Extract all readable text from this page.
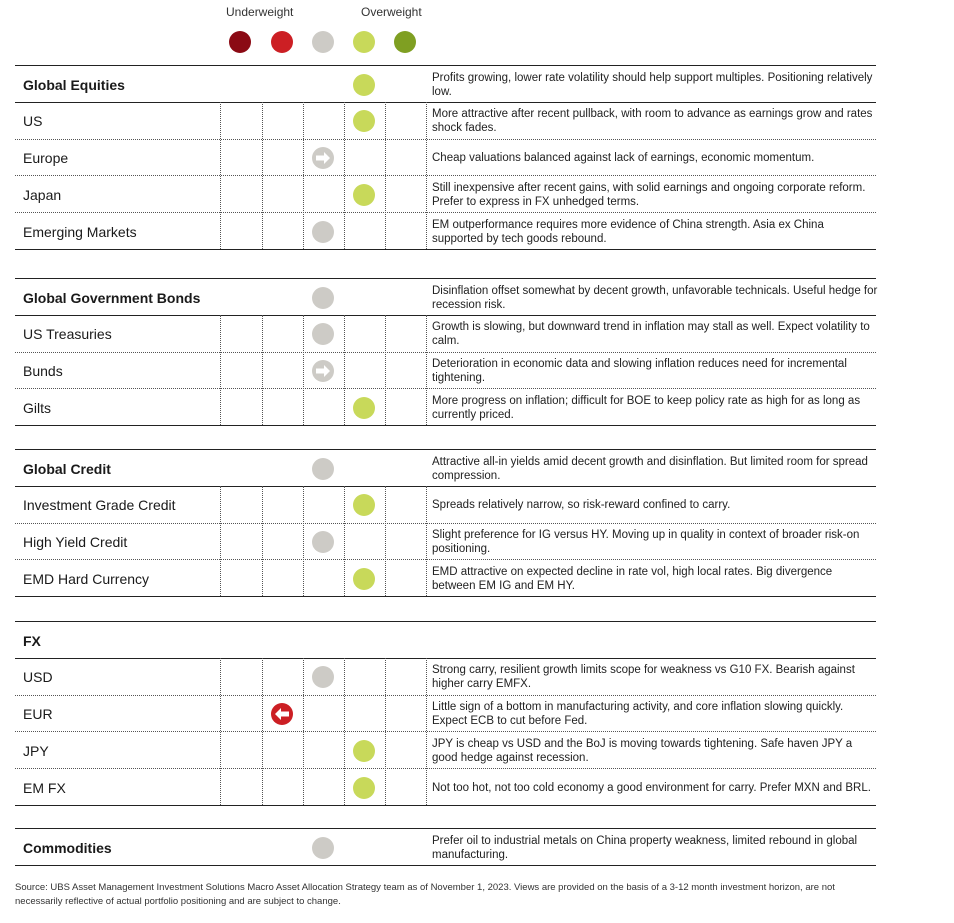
Underweight	Overweight
Global Equities	Profits growing, lower rate volatility should help support multiples. Positioning relatively low.
US	More attractive after recent pullback, with room to advance as earnings grow and rates shock fades.
Europe	Cheap valuations balanced against lack of earnings, economic momentum.
Japan	Still inexpensive after recent gains, with solid earnings and ongoing corporate reform. Prefer to express in FX unhedged terms.
Emerging Markets	EM outperformance requires more evidence of China strength. Asia ex China supported by tech goods rebound.
Global Government Bonds	Disinflation offset somewhat by decent growth, unfavorable technicals. Useful hedge for recession risk.
US Treasuries	Growth is slowing, but downward trend in inflation may stall as well. Expect volatility to calm.
Bunds	Deterioration in economic data and slowing inflation reduces need for incremental tightening.
Gilts	More progress on inflation; difficult for BOE to keep policy rate as high for as long as currently priced.
Global Credit	Attractive all-in yields amid decent growth and disinflation. But limited room for spread compression.
Investment Grade Credit	Spreads relatively narrow, so risk-reward confined to carry.
High Yield Credit	Slight preference for IG versus HY. Moving up in quality in context of broader risk-on positioning.
EMD Hard Currency	EMD attractive on expected decline in rate vol, high local rates. Big divergence between EM IG and EM HY.
FX
USD	Strong carry, resilient growth limits scope for weakness vs G10 FX. Bearish against higher carry EMFX.
EUR	Little sign of a bottom in manufacturing activity, and core inflation slowing quickly. Expect ECB to cut before Fed.
JPY	JPY is cheap vs USD and the BoJ is moving towards tightening. Safe haven JPY a good hedge against recession.
EM FX	Not too hot, not too cold economy a good environment for carry. Prefer MXN and BRL.
Commodities	Prefer oil to industrial metals on China property weakness, limited rebound in global manufacturing.
Source: UBS Asset Management Investment Solutions Macro Asset Allocation Strategy team as of November 1, 2023. Views are provided on the basis of a 3-12 month investment horizon, are not necessarily reflective of actual portfolio positioning and are subject to change.
